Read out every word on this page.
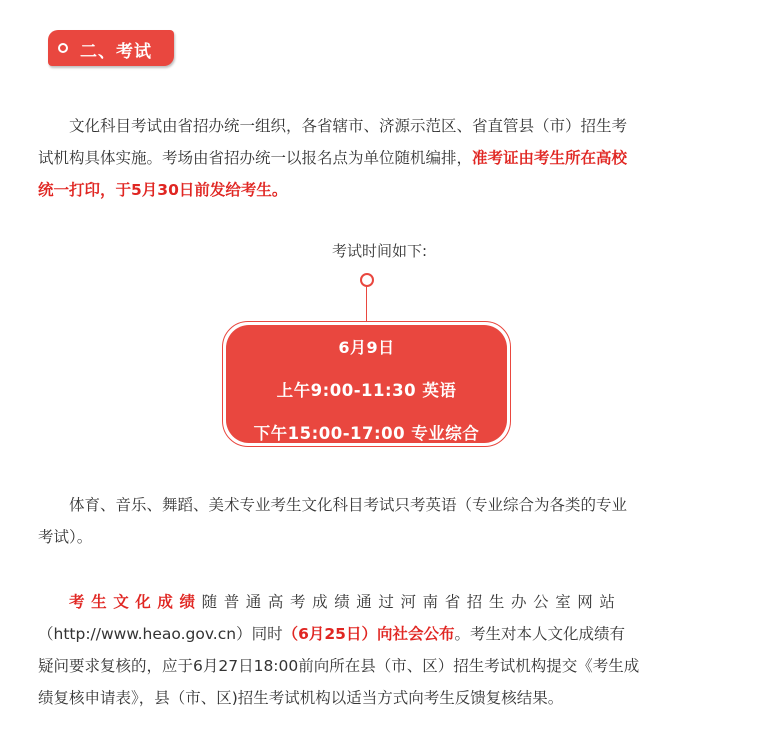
二、考试
文化科目考试由省招办统一组织，各省辖市、济源示范区、省直管县（市）招生考
试机构具体实施。考场由省招办统一以报名点为单位随机编排，准考证由考生所在高校
统一打印，于5月30日前发给考生。
考试时间如下:
6月9日
上午9:00-11:30 英语
下午15:00-17:00 专业综合
体育、音乐、舞蹈、美术专业考生文化科目考试只考英语（专业综合为各类的专业
考试）。
考生文化成绩随普通高考成绩通过河南省招生办公室网站
（http://www.heao.gov.cn）同时（6月25日）向社会公布。考生对本人文化成绩有
疑问要求复核的，应于6月27日18:00前向所在县（市、区）招生考试机构提交《考生成
绩复核申请表》，县（市、区)招生考试机构以适当方式向考生反馈复核结果。
